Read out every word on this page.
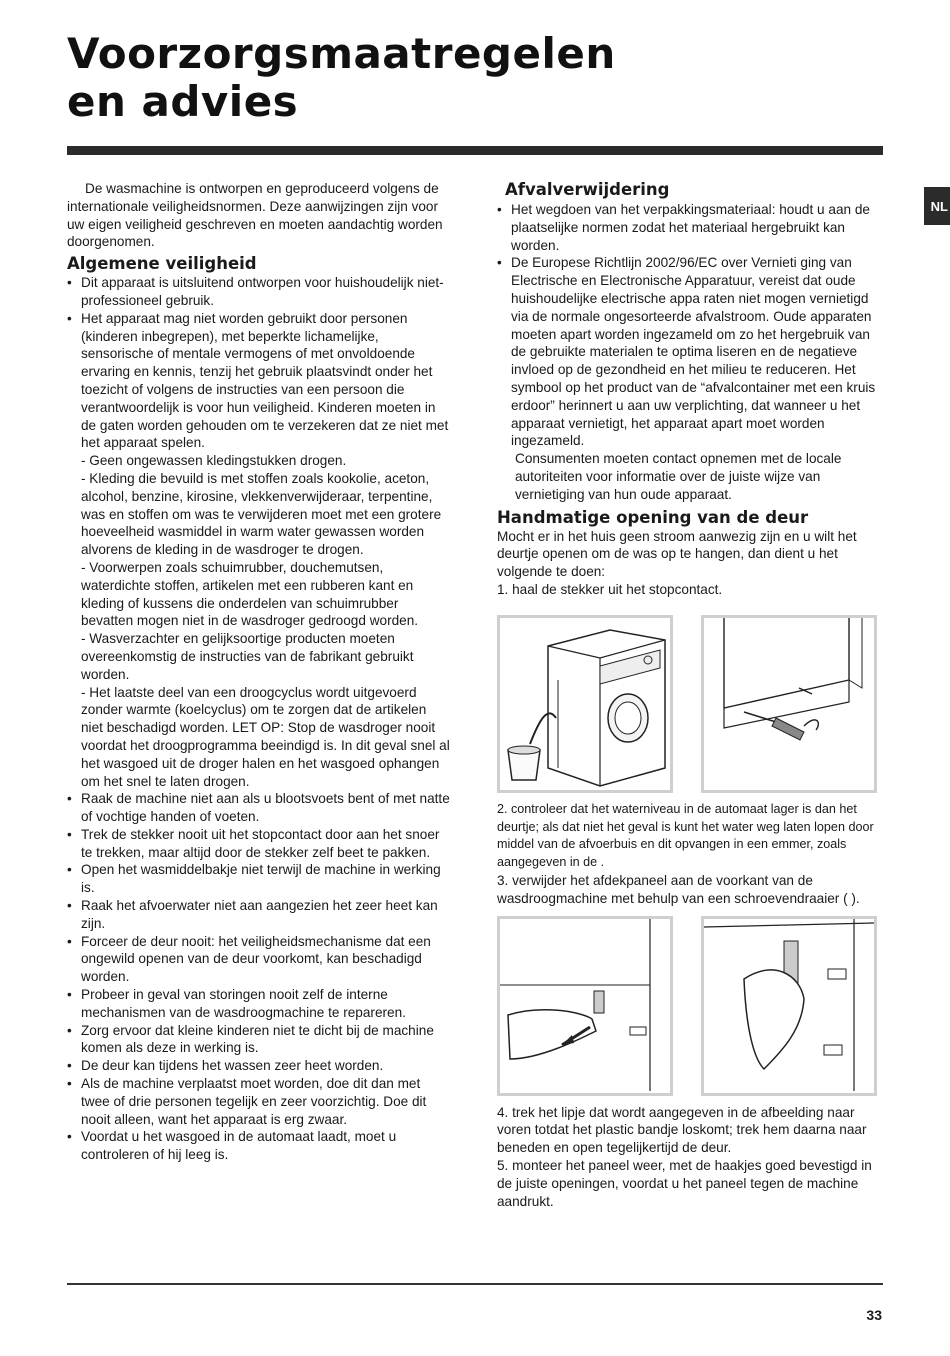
Voorzorgsmaatregelen
en advies
NL

De wasmachine is ontworpen en geproduceerd volgens de internationale veiligheidsnormen. Deze aanwijzingen zijn voor uw eigen veiligheid geschreven en moeten aandachtig worden doorgenomen.

Algemene veiligheid
• Dit apparaat is uitsluitend ontworpen voor huishoudelijk niet-professioneel gebruik.
• Het apparaat mag niet worden gebruikt door personen (kinderen inbegrepen), met beperkte lichamelijke, sensorische of mentale vermogens of met onvoldoende ervaring en kennis, tenzij het gebruik plaatsvindt onder het toezicht of volgens de instructies van een persoon die verantwoordelijk is voor hun veiligheid. Kinderen moeten in de gaten worden gehouden om te verzekeren dat ze niet met het apparaat spelen.

- Geen ongewassen kledingstukken drogen.

- Kleding die bevuild is met stoffen zoals kookolie, aceton, alcohol, benzine, kirosine, vlekkenverwijderaar, terpentine, was en stoffen om was te verwijderen moet met een grotere hoeveelheid wasmiddel in warm water gewassen worden alvorens de kleding in de wasdroger te drogen.

- Voorwerpen zoals schuimrubber, douchemutsen, waterdichte stoffen, artikelen met een rubberen kant en kleding of kussens die onderdelen van schuimrubber bevatten mogen niet in de wasdroger gedroogd worden.

- Wasverzachter en gelijksoortige producten moeten overeenkomstig de instructies van de fabrikant gebruikt worden.

- Het laatste deel van een droogcyclus wordt uitgevoerd zonder warmte (koelcyclus) om te zorgen dat de artikelen niet beschadigd worden. LET OP: Stop de wasdroger nooit voordat het droogprogramma beeindigd is. In dit geval snel al het wasgoed uit de droger halen en het wasgoed ophangen om het snel te laten drogen.

• Raak de machine niet aan als u blootsvoets bent of met natte of vochtige handen of voeten.
• Trek de stekker nooit uit het stopcontact door aan het snoer te trekken, maar altijd door de stekker zelf beet te pakken.
• Open het wasmiddelbakje niet terwijl de machine in werking is.
• Raak het afvoerwater niet aan aangezien het zeer heet kan zijn.
• Forceer de deur nooit: het veiligheidsmechanisme dat een ongewild openen van de deur voorkomt, kan beschadigd worden.
• Probeer in geval van storingen nooit zelf de interne mechanismen van de wasdroogmachine te repareren.
• Zorg ervoor dat kleine kinderen niet te dicht bij de machine komen als deze in werking is.
• De deur kan tijdens het wassen zeer heet worden.
• Als de machine verplaatst moet worden, doe dit dan met twee of drie personen tegelijk en zeer voorzichtig. Doe dit nooit alleen, want het apparaat is erg zwaar.
• Voordat u het wasgoed in de automaat laadt, moet u controleren of hij leeg is.
Afvalverwijdering
• Het wegdoen van het verpakkingsmateriaal: houdt u aan de plaatselijke normen zodat het materiaal hergebruikt kan worden.
• De Europese Richtlijn 2002/96/EC over Vernieti ging van Electrische en Electronische Apparatuur, vereist dat oude huishoudelijke electrische appa raten niet mogen vernietigd via de normale ongesorteerde afvalstroom. Oude apparaten moeten apart worden ingezameld om zo het hergebruik van de gebruikte materialen te optima liseren en de negatieve invloed op de gezondheid en het milieu te reduceren. Het symbool op het product van de “afvalcontainer met een kruis erdoor” herinnert u aan uw verplichting, dat wanneer u het apparaat vernietigt, het apparaat apart moet worden ingezameld.

Consumenten moeten contact opnemen met de locale autoriteiten voor informatie over de juiste wijze van vernietiging van hun oude apparaat.

Handmatige opening van de deur

Mocht er in het huis geen stroom aanwezig zijn en u wilt het deurtje openen om de was op te hangen, dan dient u het volgende te doen:

1. haal de stekker uit het stopcontact.

2. controleer dat het waterniveau in de automaat lager is dan het deurtje; als dat niet het geval is kunt het water weg laten lopen door middel van de afvoerbuis en dit opvangen in een emmer, zoals aangegeven in de .

3. verwijder het afdekpaneel aan de voorkant van de wasdroogmachine met behulp van een schroevendraaier ( ).

4. trek het lipje dat wordt aangegeven in de afbeelding naar voren totdat het plastic bandje loskomt; trek hem daarna naar beneden en open tegelijkertijd de deur.

5. monteer het paneel weer, met de haakjes goed bevestigd in de juiste openingen, voordat u het paneel tegen de machine aandrukt.

33
